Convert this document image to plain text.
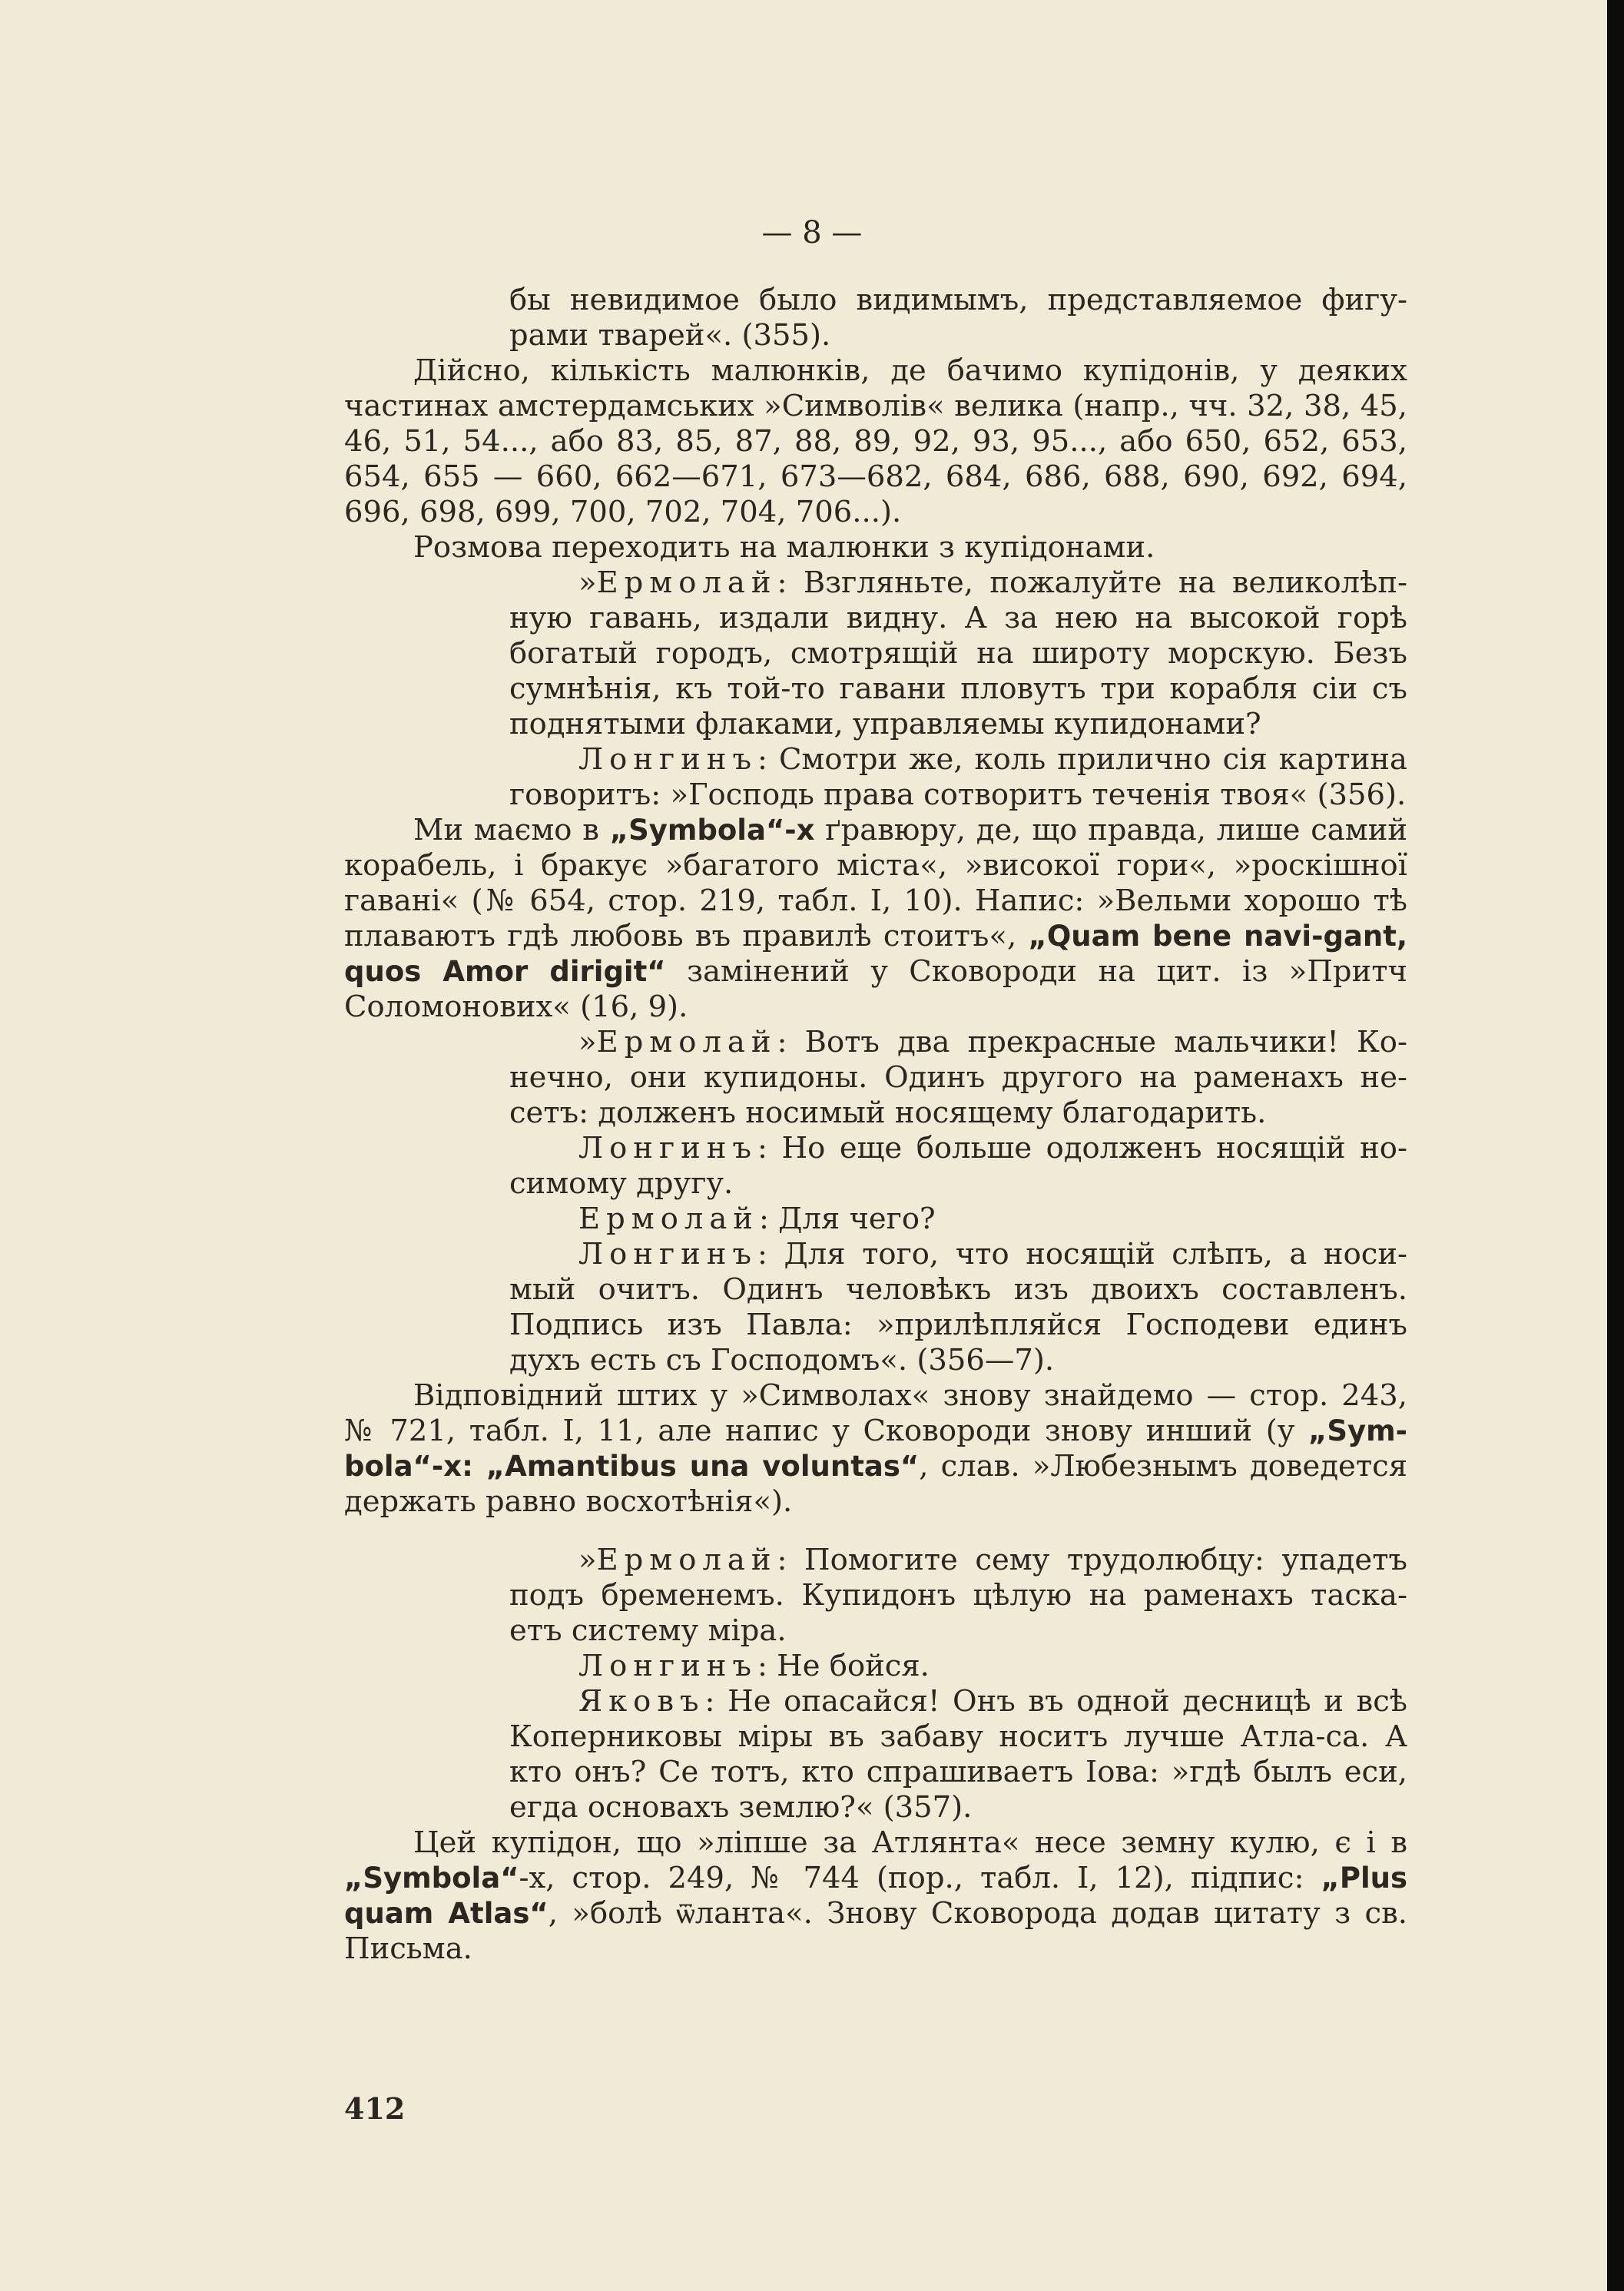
— 8 —

бы невидимое было видимымъ, представляемое фигу-рами тварей«. (355).

Дійсно, кількість малюнків, де бачимо купідонів, у деяких частинах амстердамських »Символів« велика (напр., чч. 32, 38, 45, 46, 51, 54..., або 83, 85, 87, 88, 89, 92, 93, 95..., або 650, 652, 653, 654, 655 — 660, 662—671, 673—682, 684, 686, 688, 690, 692, 694, 696, 698, 699, 700, 702, 704, 706...).

Розмова переходить на малюнки з купідонами.

»Ермолай: Взгляньте, пожалуйте на великолѣп-ную гавань, издали видну. А за нею на высокой горѣ богатый городъ, смотрящій на широту морскую. Безъ сумнѣнія, къ той-то гавани пловутъ три корабля сіи съ поднятыми флаками, управляемы купидонами?

Лонгинъ: Смотри же, коль прилично сія картина говоритъ: »Господь права сотворитъ теченія твоя« (356).

Ми маємо в „Symbola“-x ґравюру, де, що правда, лише самий корабель, і бракує »багатого міста«, »високої гори«, »роскішної гавані« (№ 654, стор. 219, табл. I, 10). Напис: »Вельми хорошо тѣ плаваютъ гдѣ любовь въ правилѣ стоитъ«, „Quam bene navi-gant, quos Amor dirigit“ замінений у Сковороди на цит. із »Притч Соломонових« (16, 9).

»Ермолай: Вотъ два прекрасные мальчики! Ко-нечно, они купидоны. Одинъ другого на раменахъ не-сетъ: долженъ носимый носящему благодарить.

Лонгинъ: Но еще больше одолженъ носящій но-симому другу.

Ермолай: Для чего?

Лонгинъ: Для того, что носящій слѣпъ, а носи-мый очитъ. Одинъ человѣкъ изъ двоихъ составленъ. Подпись изъ Павла: »прилѣпляйся Господеви единъ духъ есть съ Господомъ«. (356—7).

Відповідний штих у »Символах« знову знайдемо — стор. 243, № 721, табл. I, 11, але напис у Сковороди знову инший (у „Sym-bola“-x: „Amantibus una voluntas“, слав. »Любезнымъ доведется держать равно восхотѣнія«).

»Ермолай: Помогите сему трудолюбцу: упадетъ подъ бременемъ. Купидонъ цѣлую на раменахъ таска-етъ систему міра.

Лонгинъ: Не бойся.

Яковъ: Не опасайся! Онъ въ одной десницѣ и всѣ Коперниковы міры въ забаву носитъ лучше Атла-са. А кто онъ? Се тотъ, кто спрашиваетъ Іова: »гдѣ былъ еси, егда основахъ землю?« (357).

Цей купідон, що »ліпше за Атлянта« несе земну кулю, є і в „Symbola“-x, стор. 249, № 744 (пор., табл. I, 12), підпис: „Plus quam Atlas“, »болѣ ѿланта«. Знову Сковорода додав цитату з св. Письма.

412
